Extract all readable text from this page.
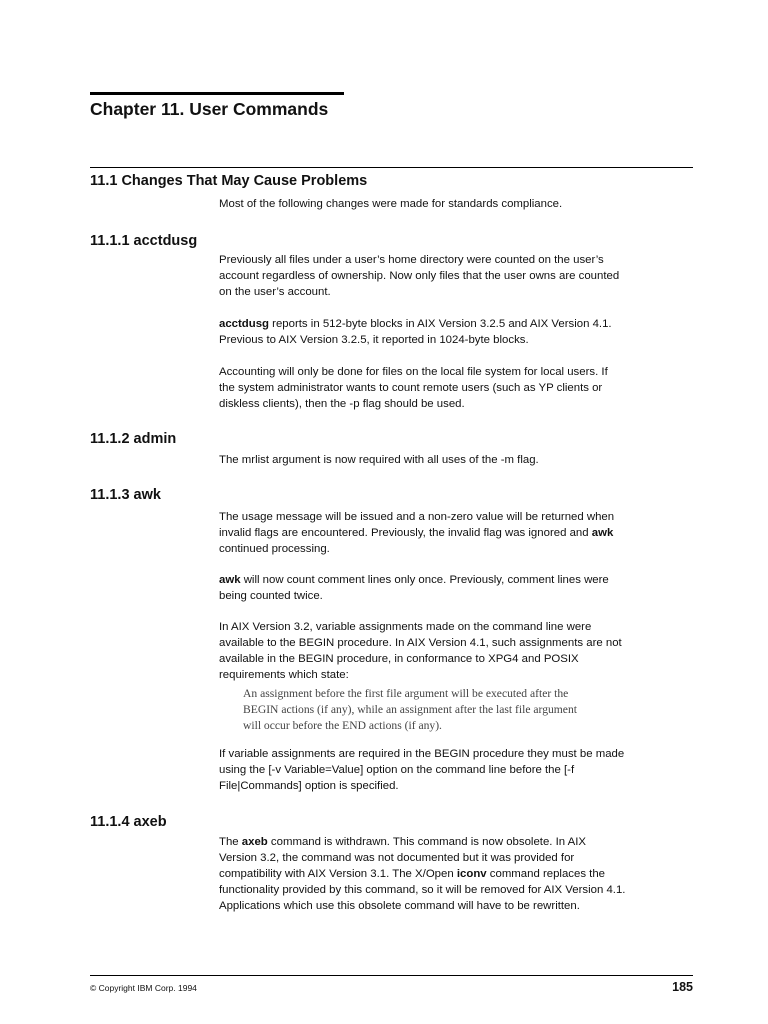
Chapter 11. User Commands
11.1 Changes That May Cause Problems

Most of the following changes were made for standards compliance.

11.1.1 acctdusg

Previously all files under a user’s home directory were counted on the user’s

account regardless of ownership. Now only files that the user owns are counted

on the user’s account.

acctdusg reports in 512-byte blocks in AIX Version 3.2.5 and AIX Version 4.1.

Previous to AIX Version 3.2.5, it reported in 1024-byte blocks.

Accounting will only be done for files on the local file system for local users. If

the system administrator wants to count remote users (such as YP clients or

diskless clients), then the -p flag should be used.

11.1.2 admin

The mrlist argument is now required with all uses of the -m flag.

11.1.3 awk

The usage message will be issued and a non-zero value will be returned when

invalid flags are encountered. Previously, the invalid flag was ignored and awk

continued processing.

awk will now count comment lines only once. Previously, comment lines were

being counted twice.

In AIX Version 3.2, variable assignments made on the command line were

available to the BEGIN procedure. In AIX Version 4.1, such assignments are not

available in the BEGIN procedure, in conformance to XPG4 and POSIX

requirements which state:

An assignment before the first file argument will be executed after the
BEGIN actions (if any), while an assignment after the last file argument
will occur before the END actions (if any).

If variable assignments are required in the BEGIN procedure they must be made

using the [-v Variable=Value] option on the command line before the [-f

File|Commands] option is specified.

11.1.4 axeb

The axeb command is withdrawn. This command is now obsolete. In AIX

Version 3.2, the command was not documented but it was provided for

compatibility with AIX Version 3.1. The X/Open iconv command replaces the

functionality provided by this command, so it will be removed for AIX Version 4.1.

Applications which use this obsolete command will have to be rewritten.

© Copyright IBM Corp. 1994	185
